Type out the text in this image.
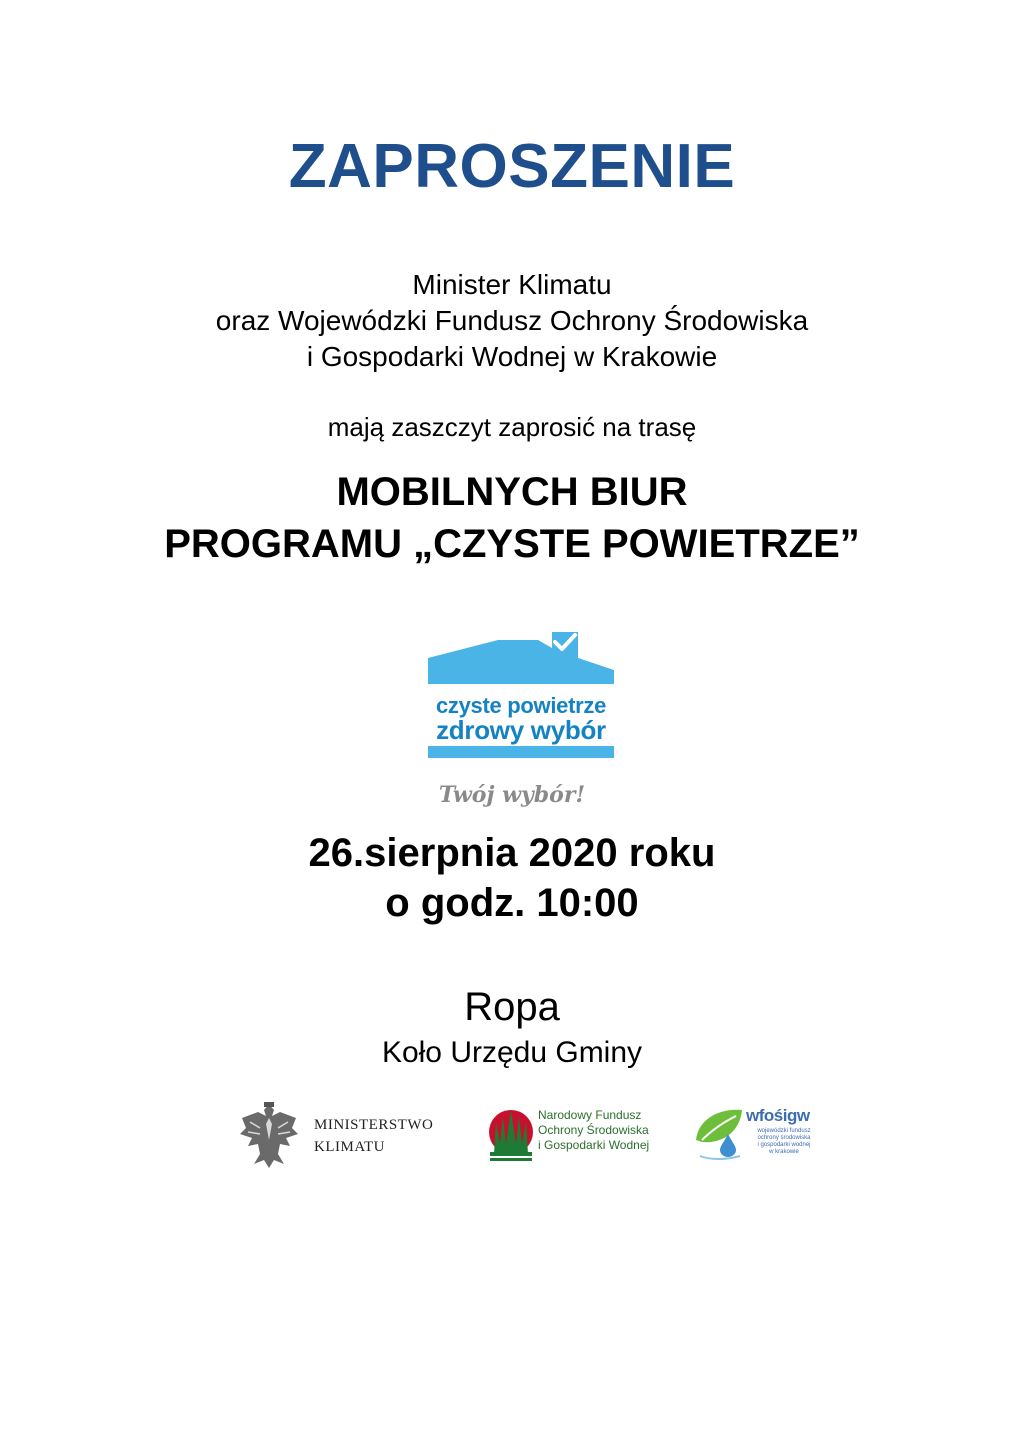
ZAPROSZENIE
Minister Klimatu
oraz Wojewódzki Fundusz Ochrony Środowiska
i Gospodarki Wodnej w Krakowie
mają zaszczyt zaprosić na trasę
MOBILNYCH BIUR
PROGRAMU „CZYSTE POWIETRZE”
czyste powietrze
zdrowy wybór
Twój wybór!
26.sierpnia 2020 roku
o godz. 10:00
Ropa
Koło Urzędu Gminy
MINISTERSTWO
KLIMATU
Narodowy Fundusz
Ochrony Środowiska
i Gospodarki Wodnej
wfośigw
wojewódzki fundusz
ochrony środowiska
i gospodarki wodnej
w krakowie
